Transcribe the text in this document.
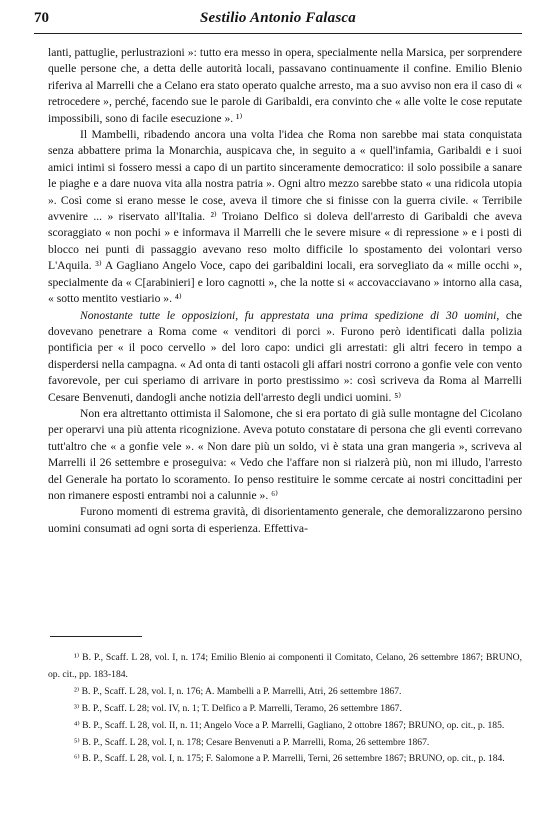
70	Sestilio Antonio Falasca

lanti, pattuglie, perlustrazioni »: tutto era messo in opera, specialmente nella Marsica, per sorprendere quelle persone che, a detta delle autorità locali, passavano continuamente il confine. Emilio Blenio riferiva al Marrelli che a Celano era stato operato qualche arresto, ma a suo avviso non era il caso di « retrocedere », perché, facendo sue le parole di Garibaldi, era convinto che « alle volte le cose reputate impossibili, sono di facile esecuzione ». ¹⁾

Il Mambelli, ribadendo ancora una volta l'idea che Roma non sarebbe mai stata conquistata senza abbattere prima la Monarchia, auspicava che, in seguito a « quell'infamia, Garibaldi e i suoi amici intimi si fossero messi a capo di un partito sinceramente democratico: il solo possibile a sanare le piaghe e a dare nuova vita alla nostra patria ». Ogni altro mezzo sarebbe stato « una ridicola utopia ». Così come si erano messe le cose, aveva il timore che si finisse con la guerra civile. « Terribile avvenire ... » riservato all'Italia. ²⁾ Troiano Delfico si doleva dell'arresto di Garibaldi che aveva scoraggiato « non pochi » e informava il Marrelli che le severe misure « di repressione » e i posti di blocco nei punti di passaggio avevano reso molto difficile lo spostamento dei volontari verso L'Aquila. ³⁾ A Gagliano Angelo Voce, capo dei garibaldini locali, era sorvegliato da « mille occhi », specialmente da « C[arabinieri] e loro cagnotti », che la notte si « accovacciavano » intorno alla casa, « sotto mentito vestiario ». ⁴⁾

Nonostante tutte le opposizioni, fu apprestata una prima spedizione di 30 uomini, che dovevano penetrare a Roma come « venditori di porci ». Furono però identificati dalla polizia pontificia per « il poco cervello » del loro capo: undici gli arrestati: gli altri fecero in tempo a disperdersi nella campagna. « Ad onta di tanti ostacoli gli affari nostri corrono a gonfie vele con vento favorevole, per cui speriamo di arrivare in porto prestissimo »: così scriveva da Roma al Marrelli Cesare Benvenuti, dandogli anche notizia dell'arresto degli undici uomini. ⁵⁾

Non era altrettanto ottimista il Salomone, che si era portato di già sulle montagne del Cicolano per operarvi una più attenta ricognizione. Aveva potuto constatare di persona che gli eventi correvano tutt'altro che « a gonfie vele ». « Non dare più un soldo, vi è stata una gran mangeria », scriveva al Marrelli il 26 settembre e proseguiva: « Vedo che l'affare non si rialzerà più, non mi illudo, l'arresto del Generale ha portato lo scoramento. Io penso restituire le somme cercate ai nostri concittadini per non rimanere esposti entrambi noi a calunnie ». ⁶⁾

Furono momenti di estrema gravità, di disorientamento generale, che demoralizzarono persino uomini consumati ad ogni sorta di esperienza. Effettiva-

¹⁾ B. P., Scaff. L 28, vol. I, n. 174; Emilio Blenio ai componenti il Comitato, Celano, 26 settembre 1867; BRUNO, op. cit., pp. 183-184.

²⁾ B. P., Scaff. L 28, vol. I, n. 176; A. Mambelli a P. Marrelli, Atri, 26 settembre 1867.

³⁾ B. P., Scaff. L 28; vol. IV, n. 1; T. Delfico a P. Marrelli, Teramo, 26 settembre 1867.

⁴⁾ B. P., Scaff. L 28, vol. II, n. 11; Angelo Voce a P. Marrelli, Gagliano, 2 ottobre 1867; BRUNO, op. cit., p. 185.

⁵⁾ B. P., Scaff. L 28, vol. I, n. 178; Cesare Benvenuti a P. Marrelli, Roma, 26 settembre 1867.

⁶⁾ B. P., Scaff. L 28, vol. I, n. 175; F. Salomone a P. Marrelli, Terni, 26 settembre 1867; BRUNO, op. cit., p. 184.
